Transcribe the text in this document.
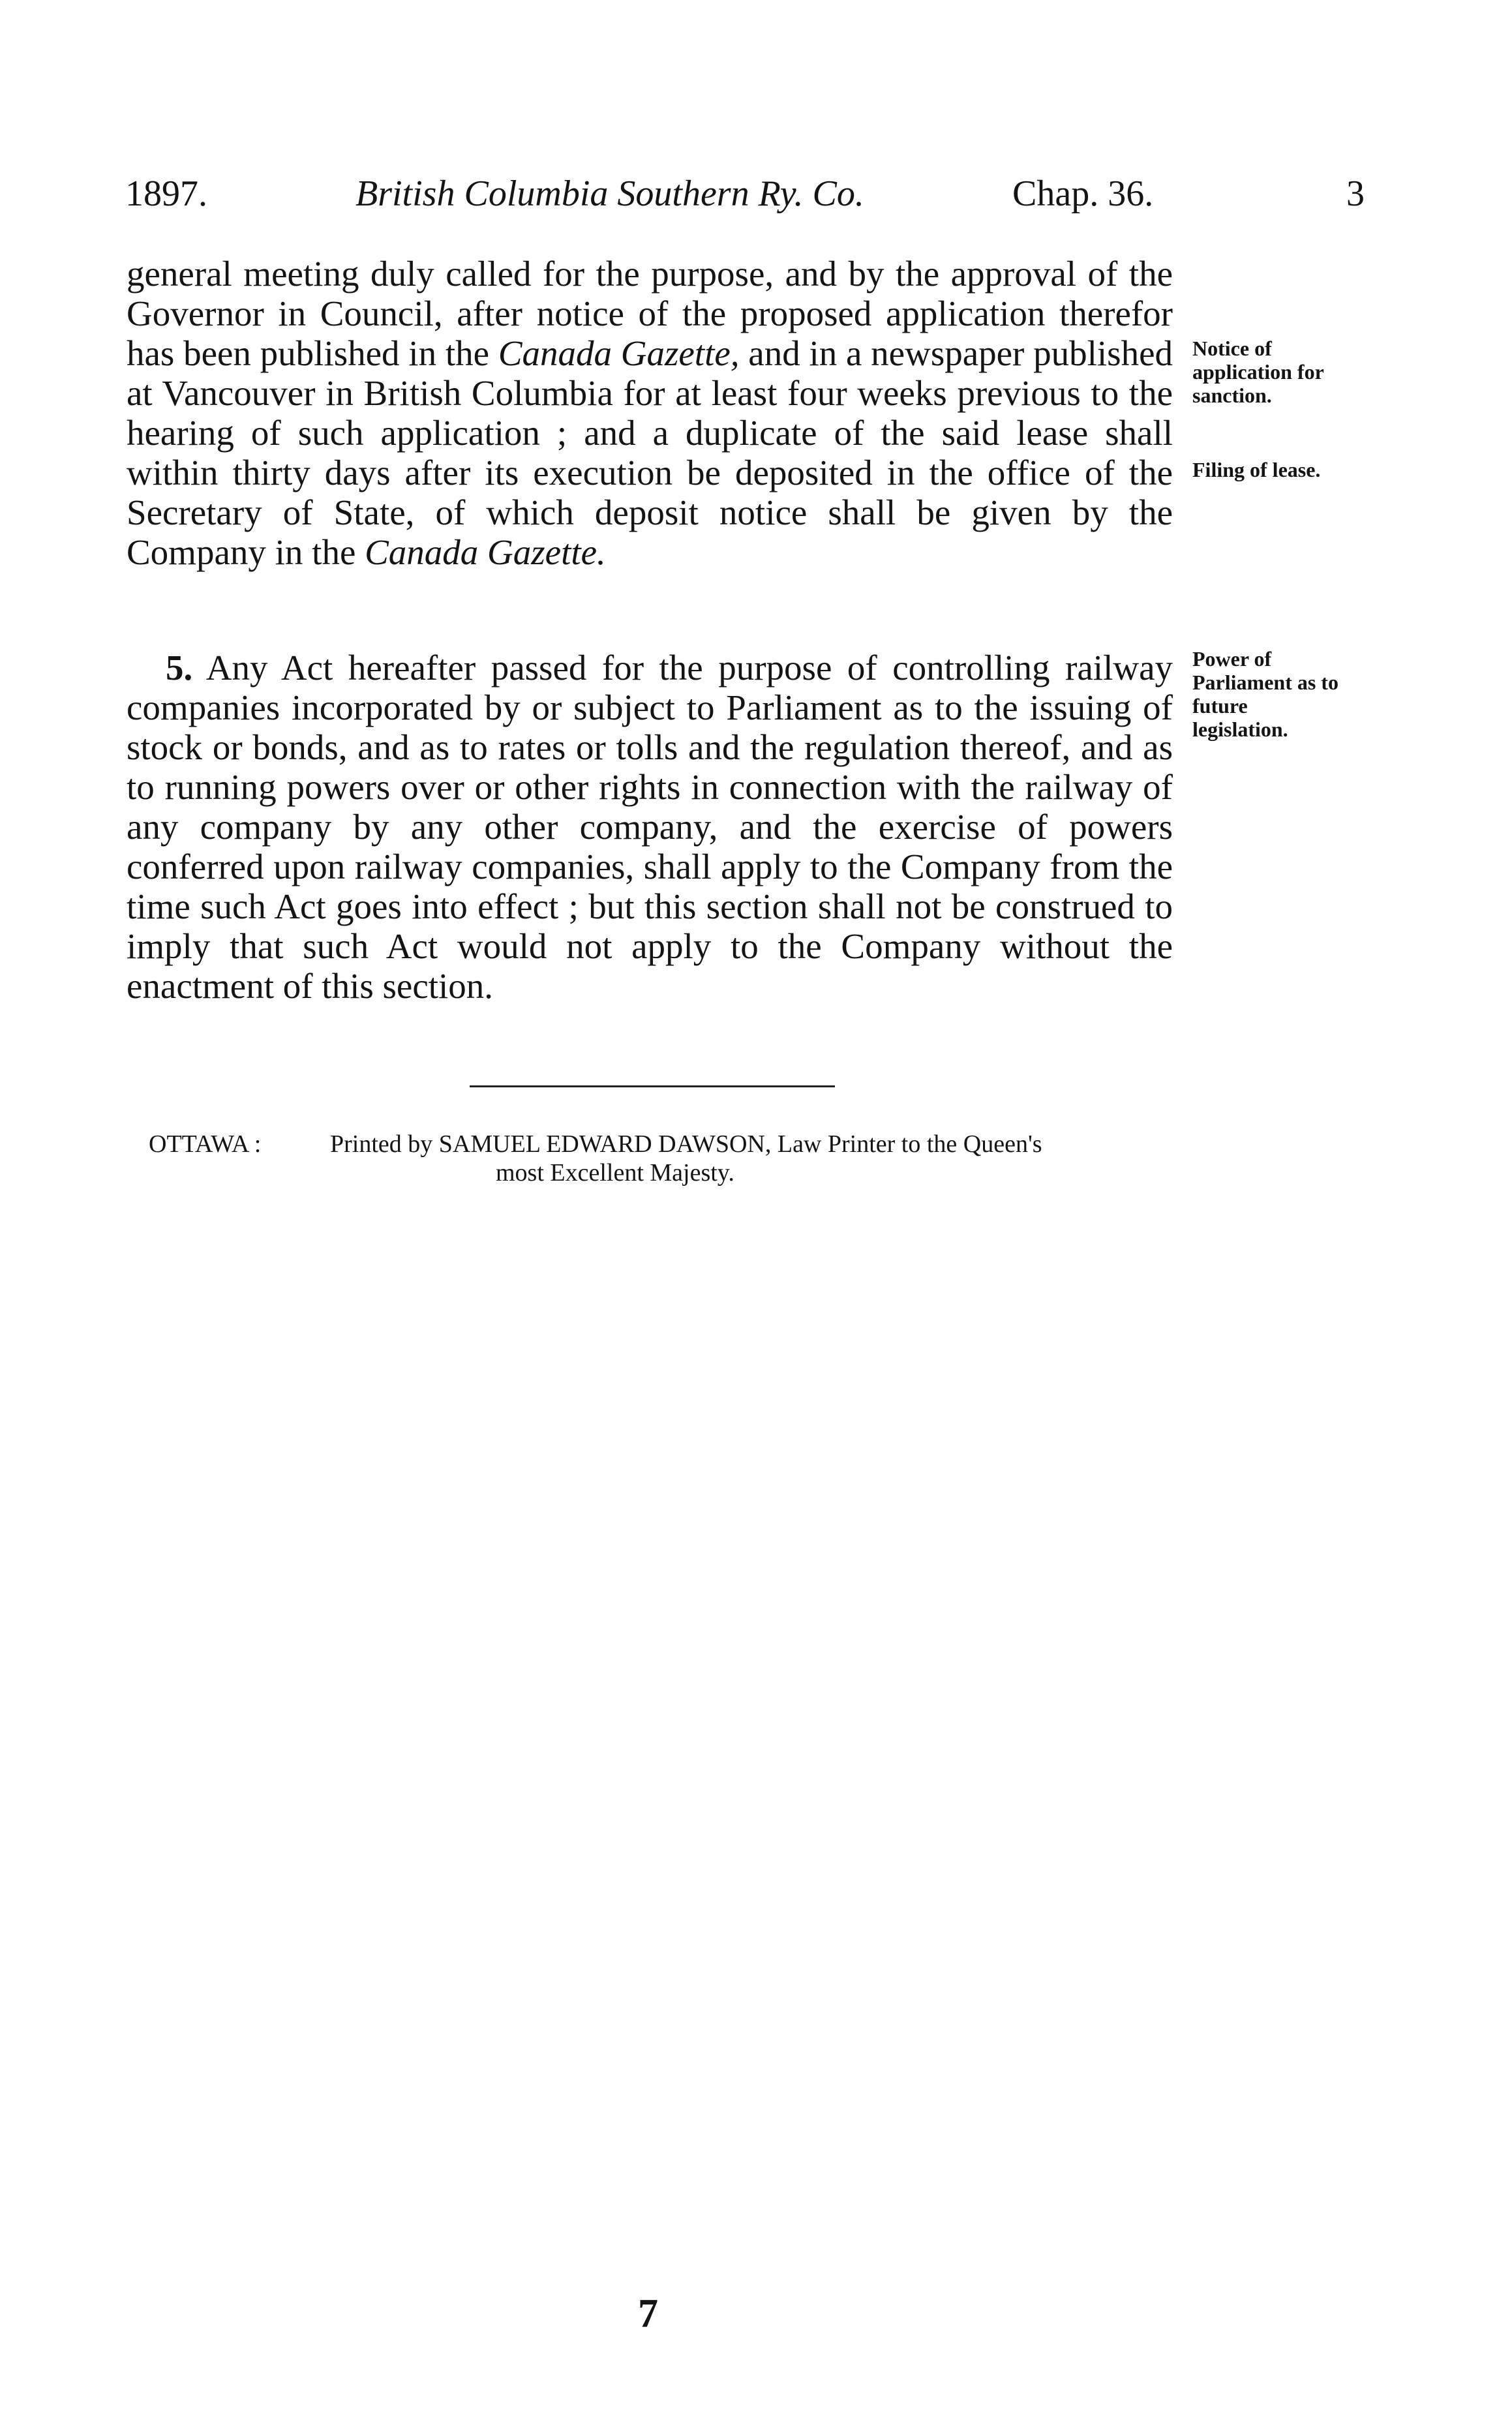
1897.	British Columbia Southern Ry. Co.	Chap. 36.	3

general meeting duly called for the purpose, and by the approval of the Governor in Council, after notice of the proposed application therefor has been published in the Canada Gazette, and in a newspaper published at Vancouver in British Columbia for at least four weeks previous to the hearing of such application ; and a duplicate of the said lease shall within thirty days after its execution be deposited in the office of the Secretary of State, of which deposit notice shall be given by the Company in the Canada Gazette.

Notice of application for sanction.
Filing of lease.

5. Any Act hereafter passed for the purpose of controlling railway companies incorporated by or subject to Parliament as to the issuing of stock or bonds, and as to rates or tolls and the regulation thereof, and as to running powers over or other rights in connection with the railway of any company by any other company, and the exercise of powers conferred upon railway companies, shall apply to the Company from the time such Act goes into effect ; but this section shall not be construed to imply that such Act would not apply to the Company without the enactment of this section.

Power of Parliament as to future legislation.
OTTAWA :	Printed by SAMUEL EDWARD DAWSON, Law Printer to the Queen's
most Excellent Majesty.
7
